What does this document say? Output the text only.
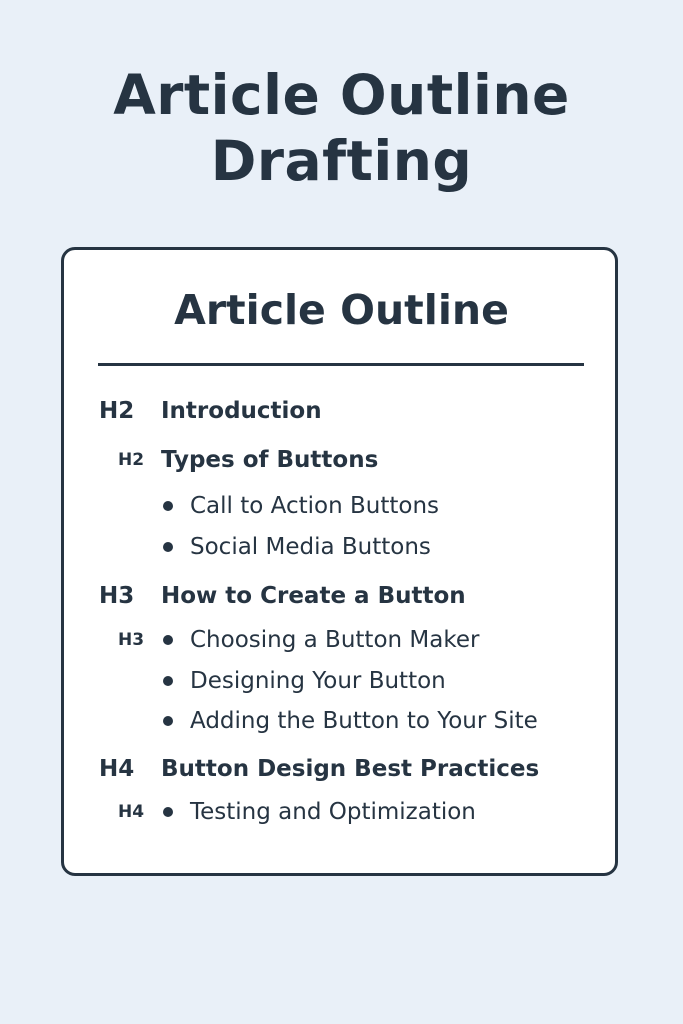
Article Outline
Drafting
Article Outline
H2 Introduction
H2 Types of Buttons
Call to Action Buttons
Social Media Buttons
H3 How to Create a Button
H3 Choosing a Button Maker
Designing Your Button
Adding the Button to Your Site
H4 Button Design Best Practices
H4 Testing and Optimization
